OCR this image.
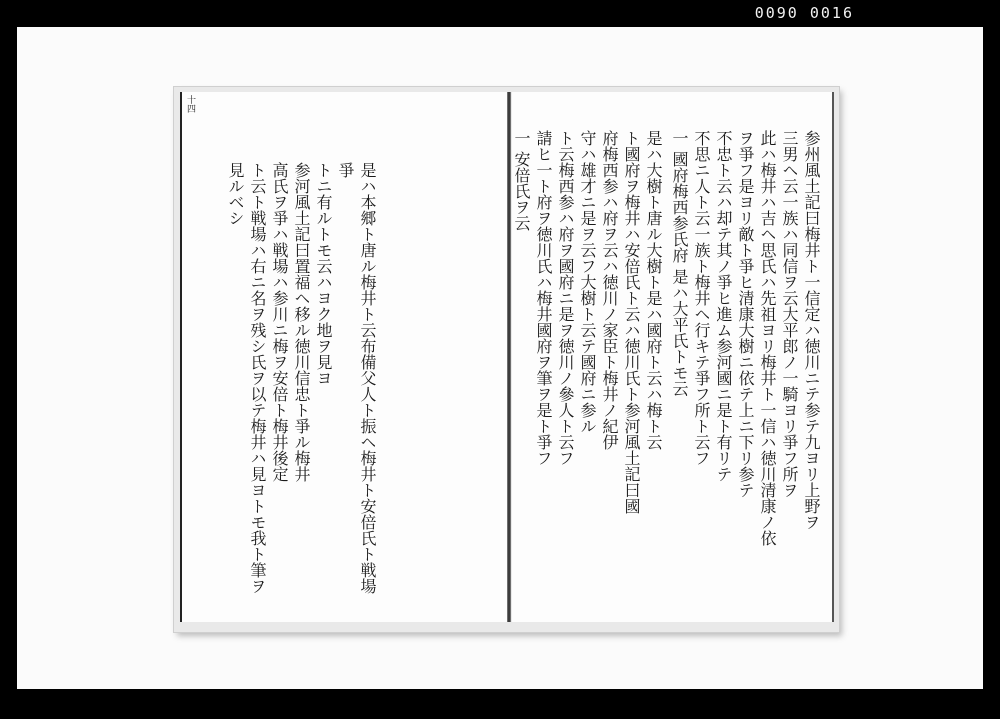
0090 0016
十四
是ハ本郷ト唐ル梅井ト云布備父人ト振ヘ梅井ト安倍氏ト戦場爭
トニ有ルトモ云ハヨク地ヲ見ヨ
参河風土記曰置福ヘ移ル徳川信忠ト爭ル梅井
高氏ヲ爭ハ戦場ハ参川ニ梅ヲ安倍ト梅井後定
ト云ト戦場ハ右ニ名ヲ残シ氏ヲ以テ梅井ハ見ヨトモ我ト筆ヲ
見ルベシ	参州風土記曰梅井ト一信定ハ徳川ニテ参テ九ヨリ上野ヲ
三男ヘ云一族ハ同信ヲ云大平郎ノ一騎ヨリ爭フ所ヲ
此ハ梅井ハ吉ヘ思氏ハ先祖ヨリ梅井ト一信ハ徳川清康ノ依
ヲ爭フ是ヨリ敵ト爭ヒ清康大樹ニ依テ上ニ下リ参テ
不忠ト云ハ却テ其ノ爭ヒ進ム参河國ニ是ト有リテ
不思ニ人ト云一族ト梅井ヘ行キテ爭フ所ト云フ
一 國府梅西参氏府 是ハ大平氏トモ云
是ハ大樹ト唐ル大樹ト是ハ國府ト云ハ梅ト云
ト國府ヲ梅井ハ安倍氏ト云ハ徳川氏ト参河風土記曰國
府梅西参ハ府ヲ云ハ徳川ノ家臣ト梅井ノ紀伊
守ハ雄才ニ是ヲ云フ大樹ト云テ國府ニ参ル
ト云梅西参ハ府ヲ國府ニ是ヲ徳川ノ參人ト云フ
請ヒ一ト府ヲ徳川氏ハ梅井國府ヲ筆ヲ是ト爭フ
一 安倍氏ヲ云
